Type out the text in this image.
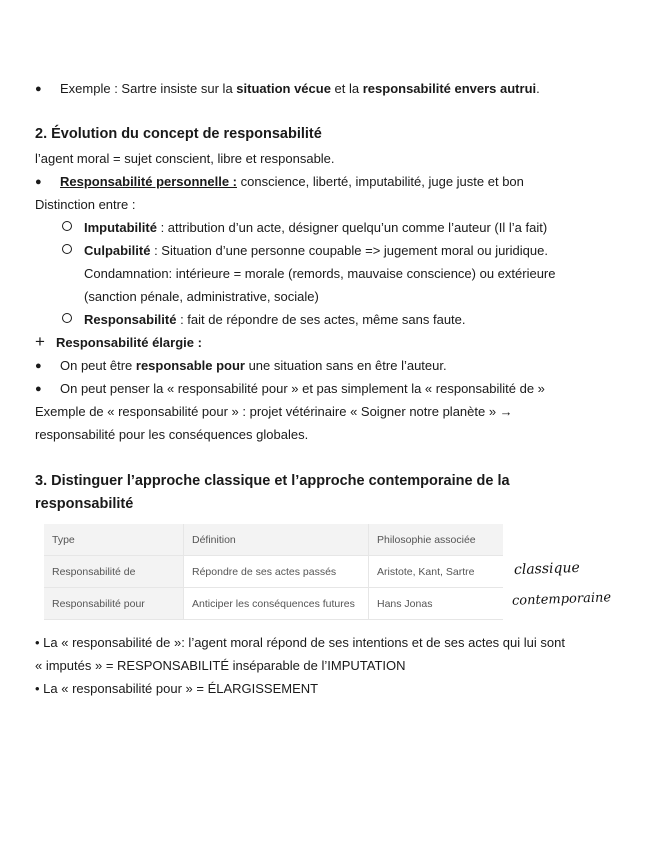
● Exemple : Sartre insiste sur la situation vécue et la responsabilité envers autrui.
2. Évolution du concept de responsabilité
l’agent moral = sujet conscient, libre et responsable.
● Responsabilité personnelle : conscience, liberté, imputabilité, juge juste et bon
Distinction entre :
Imputabilité : attribution d’un acte, désigner quelqu’un comme l’auteur (Il l’a fait)
Culpabilité : Situation d’une personne coupable => jugement moral ou juridique.
Condamnation: intérieure = morale (remords, mauvaise conscience) ou extérieure
(sanction pénale, administrative, sociale)
Responsabilité : fait de répondre de ses actes, même sans faute.
+ Responsabilité élargie :
● On peut être responsable pour une situation sans en être l’auteur.
● On peut penser la « responsabilité pour » et pas simplement la « responsabilité de »
Exemple de « responsabilité pour » : projet vétérinaire « Soigner notre planète » →
responsabilité pour les conséquences globales.
3. Distinguer l’approche classique et l’approche contemporaine de la
responsabilité
Type	Définition	Philosophie associée
Responsabilité de	Répondre de ses actes passés	Aristote, Kant, Sartre
Responsabilité pour	Anticiper les conséquences futures	Hans Jonas
classique
contemporaine
• La « responsabilité de »: l’agent moral répond de ses intentions et de ses actes qui lui sont
« imputés » = RESPONSABILITÉ inséparable de l’IMPUTATION
• La « responsabilité pour » = ÉLARGISSEMENT
